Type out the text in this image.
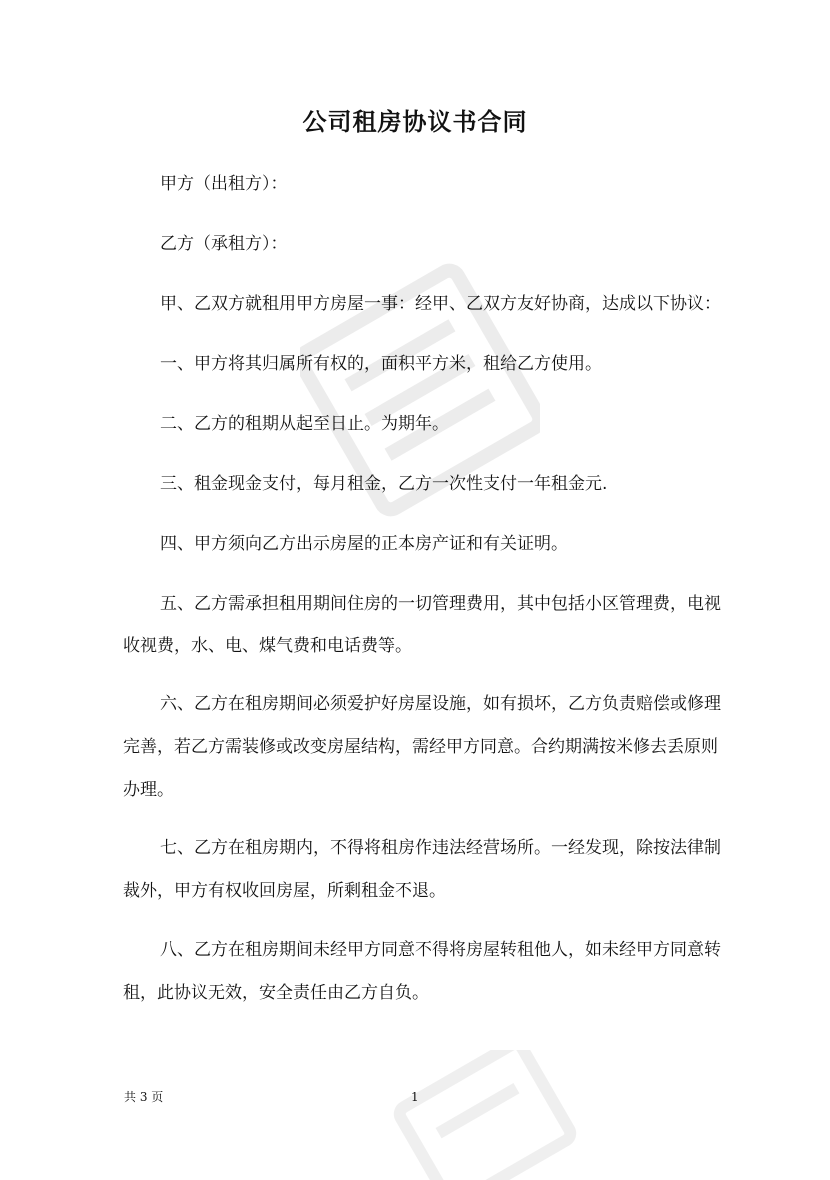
公司租房协议书合同
甲方（出租方）：
乙方（承租方）：
甲、乙双方就租用甲方房屋一事：经甲、乙双方友好协商，达成以下协议：
一、甲方将其归属所有权的，面积平方米，租给乙方使用。
二、乙方的租期从起至日止。为期年。
三、租金现金支付，每月租金，乙方一次性支付一年租金元.
四、甲方须向乙方出示房屋的正本房产证和有关证明。
五、乙方需承担租用期间住房的一切管理费用，其中包括小区管理费，电视
收视费，水、电、煤气费和电话费等。
六、乙方在租房期间必须爱护好房屋设施，如有损坏，乙方负责赔偿或修理
完善，若乙方需装修或改变房屋结构，需经甲方同意。合约期满按米修去丢原则
办理。
七、乙方在租房期内，不得将租房作违法经营场所。一经发现，除按法律制
裁外，甲方有权收回房屋，所剩租金不退。
八、乙方在租房期间未经甲方同意不得将房屋转租他人，如未经甲方同意转
租，此协议无效，安全责任由乙方自负。
共 3 页	1
